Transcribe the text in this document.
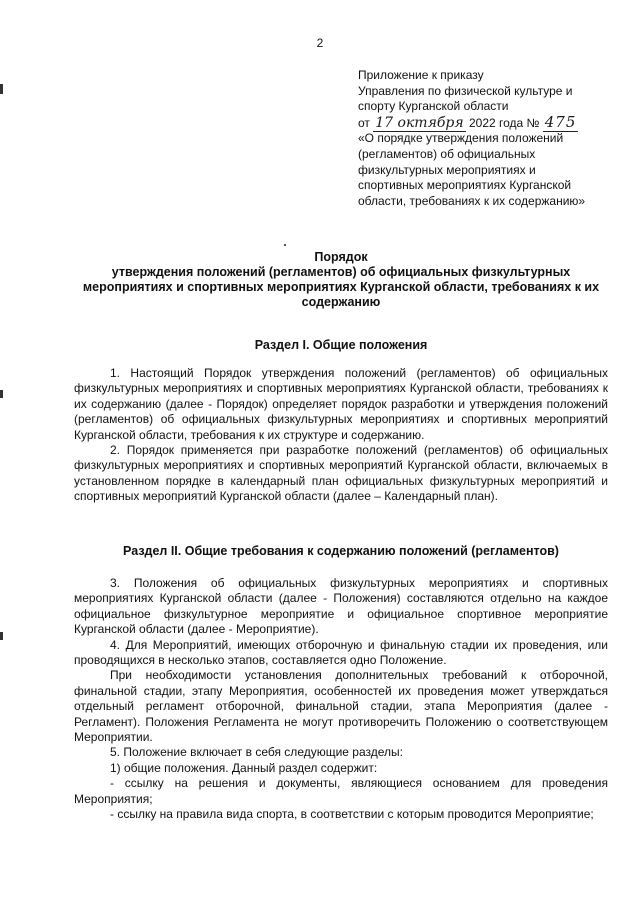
2
Приложение к приказу
Управления по физической культуре и
спорту Курганской области
от 17 октября 2022 года № 475
«О порядке утверждения положений
(регламентов) об официальных
физкультурных мероприятиях и
спортивных мероприятиях Курганской
области, требованиях к их содержанию»
Порядок
утверждения положений (регламентов) об официальных физкультурных мероприятиях и спортивных мероприятиях Курганской области, требованиях к их содержанию
Раздел I. Общие положения

1. Настоящий Порядок утверждения положений (регламентов) об официальных физкультурных мероприятиях и спортивных мероприятиях Курганской области, требованиях к их содержанию (далее - Порядок) определяет порядок разработки и утверждения положений (регламентов) об официальных физкультурных мероприятиях и спортивных мероприятий Курганской области, требования к их структуре и содержанию.

2. Порядок применяется при разработке положений (регламентов) об официальных физкультурных мероприятиях и спортивных мероприятий Курганской области, включаемых в установленном порядке в календарный план официальных физкультурных мероприятий и спортивных мероприятий Курганской области (далее – Календарный план).

Раздел II. Общие требования к содержанию положений (регламентов)

3. Положения об официальных физкультурных мероприятиях и спортивных мероприятиях Курганской области (далее - Положения) составляются отдельно на каждое официальное физкультурное мероприятие и официальное спортивное мероприятие Курганской области (далее - Мероприятие).

4. Для Мероприятий, имеющих отборочную и финальную стадии их проведения, или проводящихся в несколько этапов, составляется одно Положение.

При необходимости установления дополнительных требований к отборочной, финальной стадии, этапу Мероприятия, особенностей их проведения может утверждаться отдельный регламент отборочной, финальной стадии, этапа Мероприятия (далее - Регламент). Положения Регламента не могут противоречить Положению о соответствующем Мероприятии.

5. Положение включает в себя следующие разделы:

1) общие положения. Данный раздел содержит:

- ссылку на решения и документы, являющиеся основанием для проведения Мероприятия;

- ссылку на правила вида спорта, в соответствии с которым проводится Мероприятие;
